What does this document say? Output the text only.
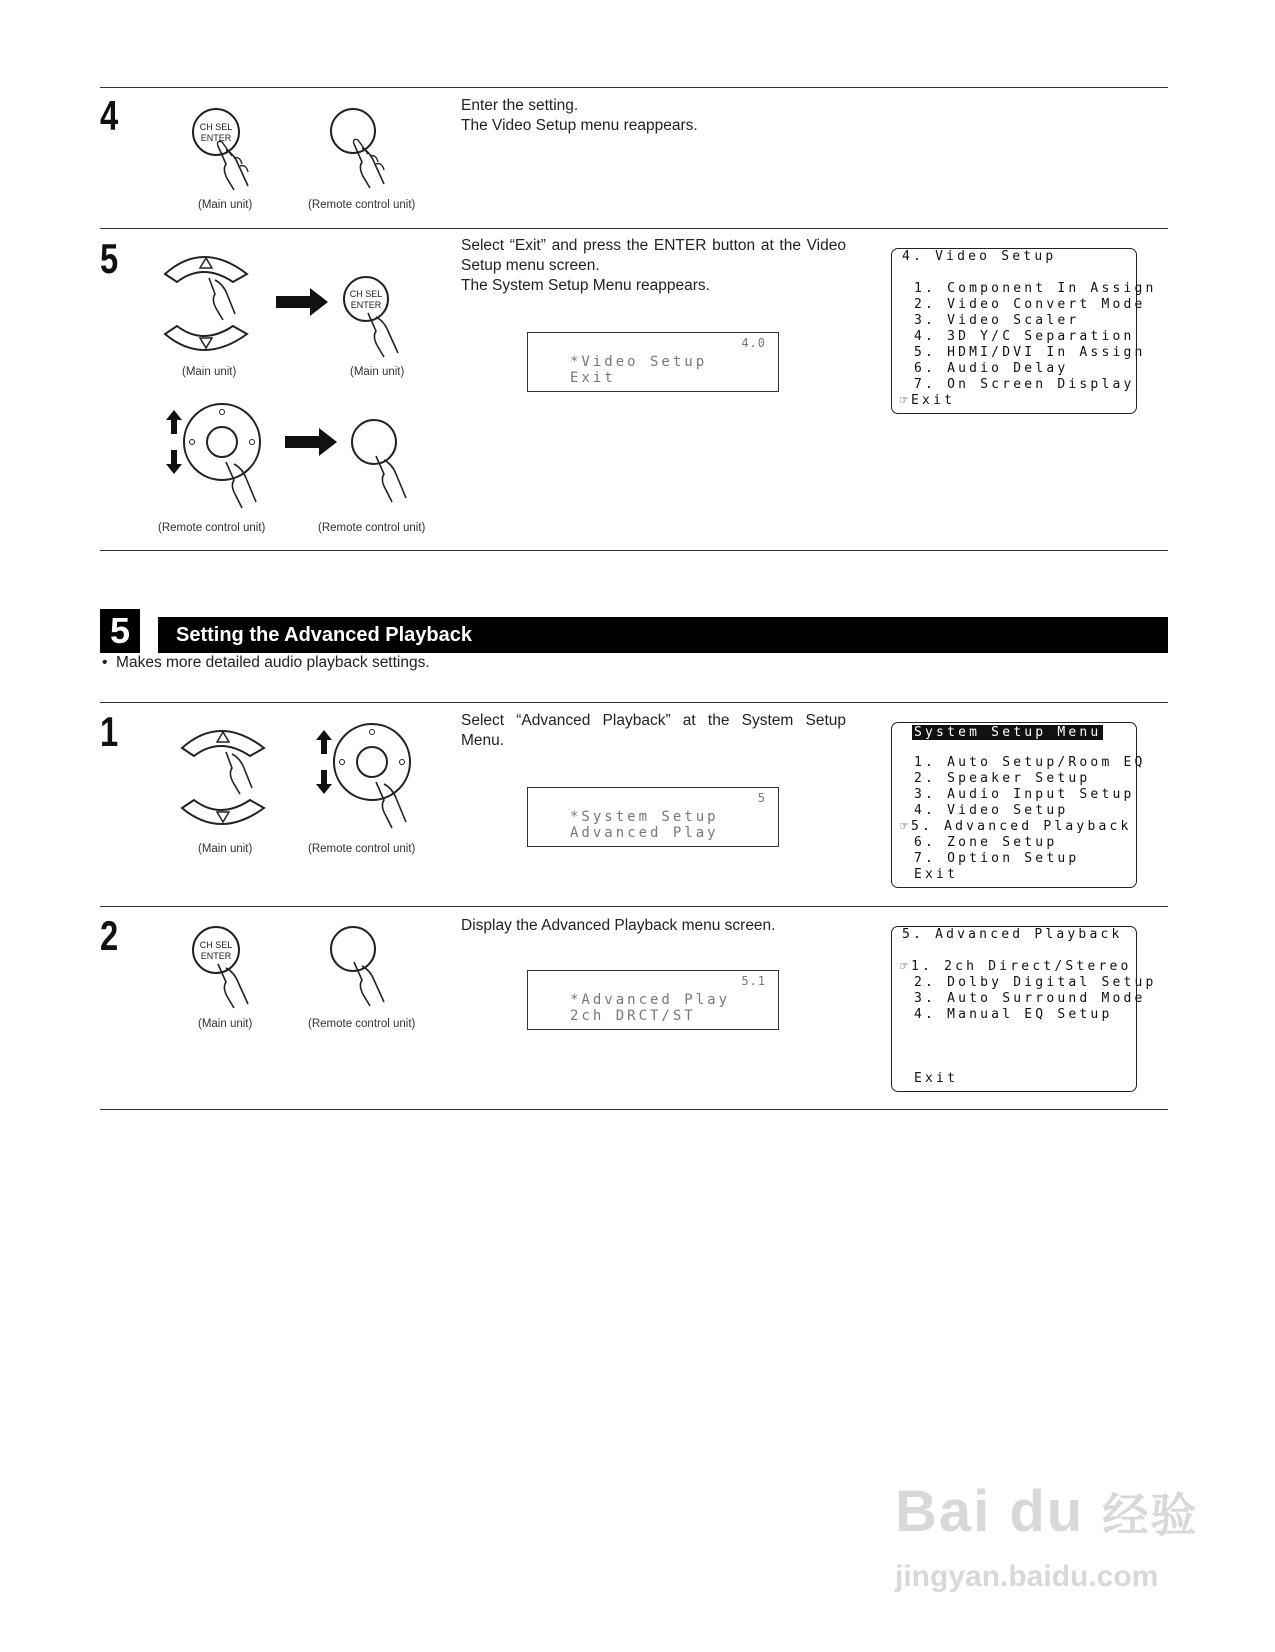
4	CH SEL
ENTER
(Main unit)	(Remote control unit)
Enter the setting.
The Video Setup menu reappears.
5
(Main unit)
CH SEL
ENTER
(Main unit)
(Remote control unit)	(Remote control unit)
Select “Exit” and press the ENTER button at the Video Setup menu screen.
The System Setup Menu reappears.
4.0
*Video Setup
Exit
4. Video Setup
1. Component In Assign
2. Video Convert Mode
3. Video Scaler
4. 3D Y/C Separation
5. HDMI/DVI In Assign
6. Audio Delay
7. On Screen Display
☞Exit
5	Setting the Advanced Playback
•  Makes more detailed audio playback settings.
1
(Main unit)	(Remote control unit)
Select “Advanced Playback” at the System Setup Menu.
5
*System Setup
Advanced Play
System Setup Menu
1. Auto Setup/Room EQ
2. Speaker Setup
3. Audio Input Setup
4. Video Setup
☞5. Advanced Playback
6. Zone Setup
7. Option Setup
Exit
2	CH SEL
ENTER
(Main unit)	(Remote control unit)
Display the Advanced Playback menu screen.
5.1
*Advanced Play
2ch DRCT/ST
5. Advanced Playback
☞1. 2ch Direct/Stereo
2. Dolby Digital Setup
3. Auto Surround Mode
4. Manual EQ Setup
Exit
Bai du 经验
jingyan.baidu.com
